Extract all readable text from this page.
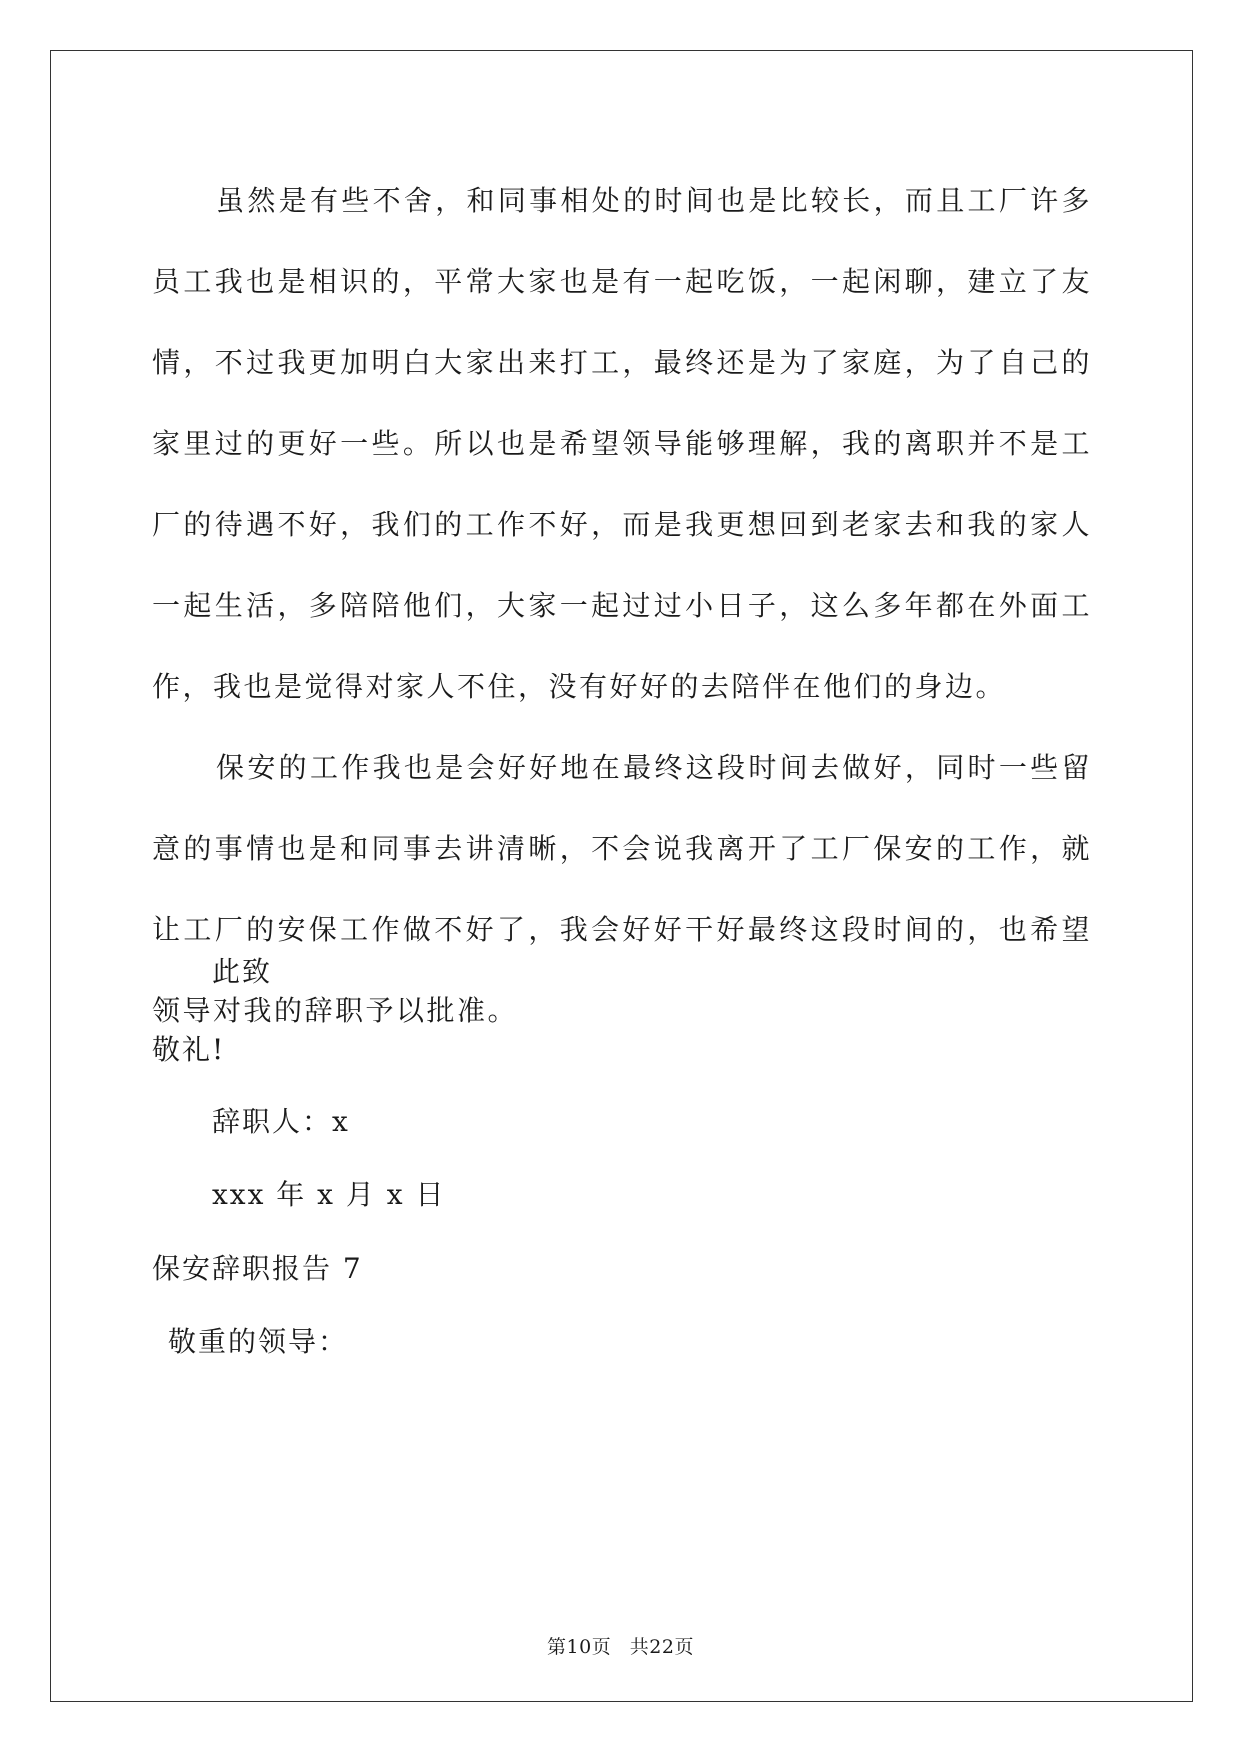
虽然是有些不舍，和同事相处的时间也是比较长，而且工厂许多员工我也是相识的，平常大家也是有一起吃饭，一起闲聊，建立了友情，不过我更加明白大家出来打工，最终还是为了家庭，为了自己的家里过的更好一些。所以也是希望领导能够理解，我的离职并不是工厂的待遇不好，我们的工作不好，而是我更想回到老家去和我的家人一起生活，多陪陪他们，大家一起过过小日子，这么多年都在外面工作，我也是觉得对家人不住，没有好好的去陪伴在他们的身边。

保安的工作我也是会好好地在最终这段时间去做好，同时一些留意的事情也是和同事去讲清晰，不会说我离开了工厂保安的工作，就让工厂的安保工作做不好了，我会好好干好最终这段时间的，也希望领导对我的辞职予以批准。

此致
敬礼!
辞职人：x
xxx 年 x 月 x 日
保安辞职报告 7
敬重的领导：
第10页 共22页
